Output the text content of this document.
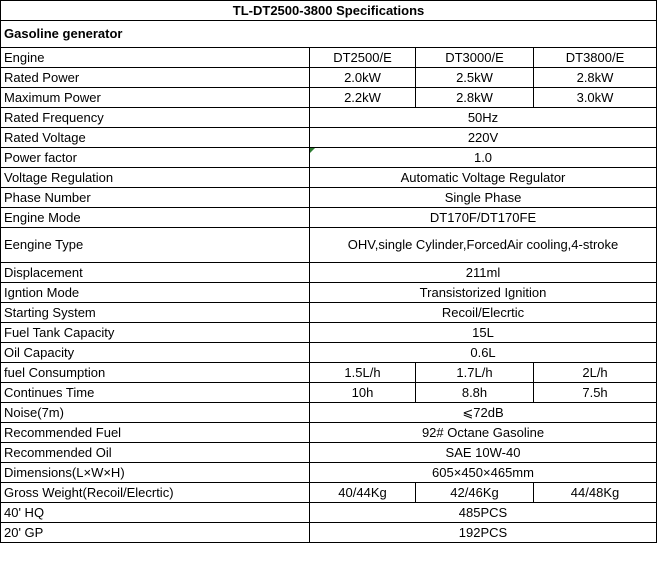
TL-DT2500-3800 Specifications			
Gasoline generator			
Engine	DT2500/E	DT3000/E	DT3800/E
Rated Power	2.0kW	2.5kW	2.8kW
Maximum Power	2.2kW	2.8kW	3.0kW
Rated Frequency	50Hz		
Rated Voltage	220V		
Power factor	1.0		
Voltage Regulation	Automatic Voltage Regulator		
Phase Number	Single Phase		
Engine Mode	DT170F/DT170FE		
Eengine Type	OHV,single Cylinder,ForcedAir cooling,4-stroke		
Displacement	211ml		
Igntion Mode	Transistorized Ignition		
Starting System	Recoil/Elecrtic		
Fuel Tank Capacity	15L		
Oil Capacity	0.6L		
fuel Consumption	1.5L/h	1.7L/h	2L/h
Continues Time	10h	8.8h	7.5h
Noise(7m)	⩽72dB		
Recommended Fuel	92# Octane Gasoline		
Recommended Oil	SAE 10W-40		
Dimensions(L×W×H)	605×450×465mm		
Gross Weight(Recoil/Elecrtic)	40/44Kg	42/46Kg	44/48Kg
40' HQ	485PCS		
20' GP	192PCS		
